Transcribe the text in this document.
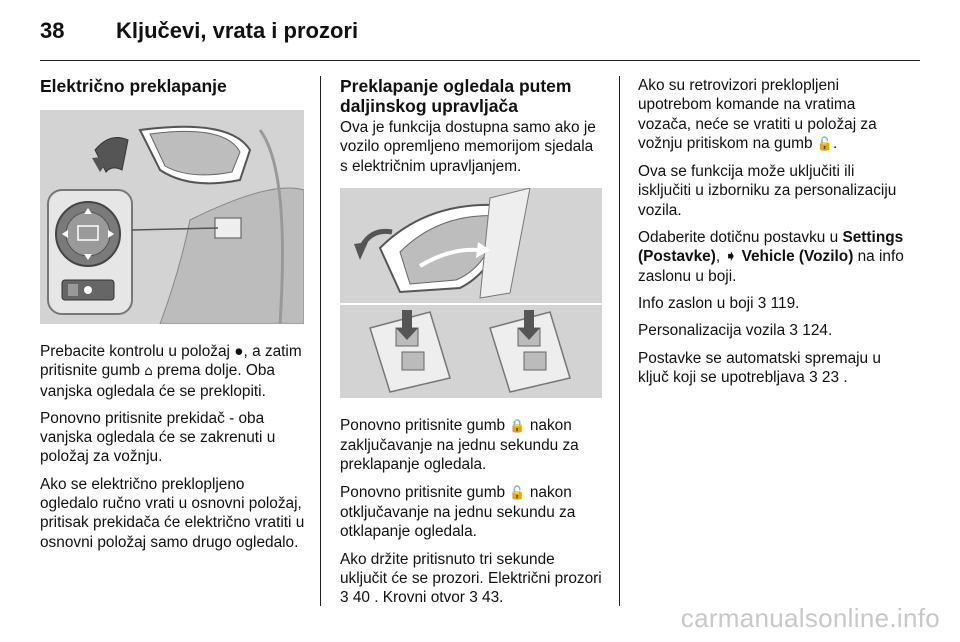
38	Ključevi, vrata i prozori
Električno preklapanje

Prebacite kontrolu u položaj ●, a zatim pritisnite gumb ⌂ prema dolje. Oba vanjska ogledala će se preklopiti.

Ponovno pritisnite prekidač - oba vanjska ogledala će se zakrenuti u položaj za vožnju.

Ako se električno preklopljeno ogledalo ručno vrati u osnovni položaj, pritisak prekidača će električno vratiti u osnovni položaj samo drugo ogledalo.

Preklapanje ogledala putem daljinskog upravljača

Ova je funkcija dostupna samo ako je vozilo opremljeno memorijom sjedala s električnim upravljanjem.

Ponovno pritisnite gumb 🔒 nakon zaključavanje na jednu sekundu za preklapanje ogledala.

Ponovno pritisnite gumb 🔓 nakon otključavanje na jednu sekundu za otklapanje ogledala.

Ako držite pritisnuto tri sekunde uključit će se prozori. Električni prozori 3 40 . Krovni otvor 3 43.

Ako su retrovizori preklopljeni upotrebom komande na vratima vozača, neće se vratiti u položaj za vožnju pritiskom na gumb 🔓.

Ova se funkcija može uključiti ili isključiti u izborniku za personalizaciju vozila.

Odaberite dotičnu postavku u Settings (Postavke), ➧ Vehicle (Vozilo) na info zaslonu u boji.

Info zaslon u boji 3 119.

Personalizacija vozila 3 124.

Postavke se automatski spremaju u ključ koji se upotrebljava 3 23 .

carmanualsonline.info
